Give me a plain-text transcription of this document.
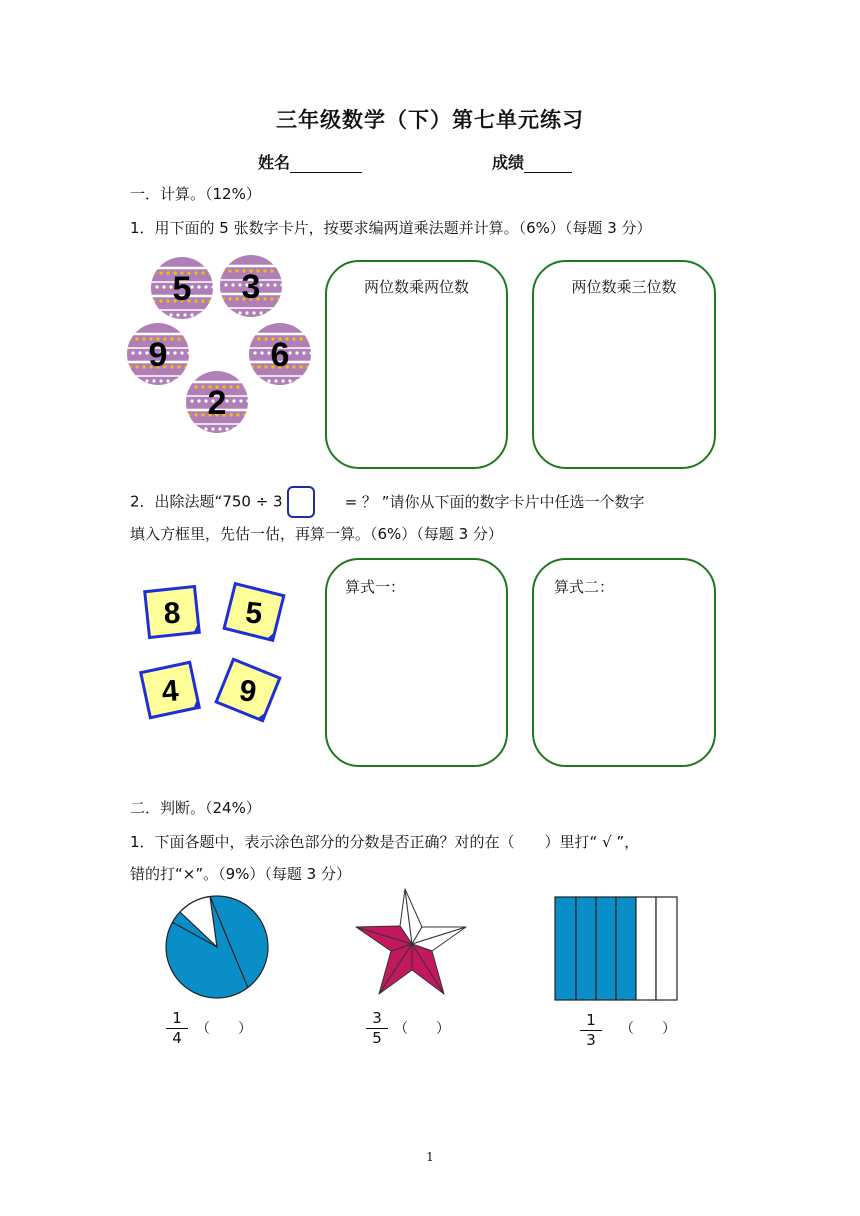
三年级数学（下）第七单元练习
姓名	成绩
一．计算。（12%）
1．用下面的 5 张数字卡片，按要求编两道乘法题并计算。（6%）（每题 3 分）
5 3
9	6
2
两位数乘两位数	两位数乘三位数
2．出除法题“750 ÷ 3	= ？ ”请你从下面的数字卡片中任选一个数字
填入方框里，先估一估，再算一算。（6%）（每题 3 分）
8 5
4 9
算式一：	算式二：
二．判断。（24%）
1．下面各题中，表示涂色部分的分数是否正确？对的在（　　）里打“ √ ”，
错的打“×”。（9%）（每题 3 分）
1
4	（　　）
3
5 （　　）	1
3
（　　）
1
